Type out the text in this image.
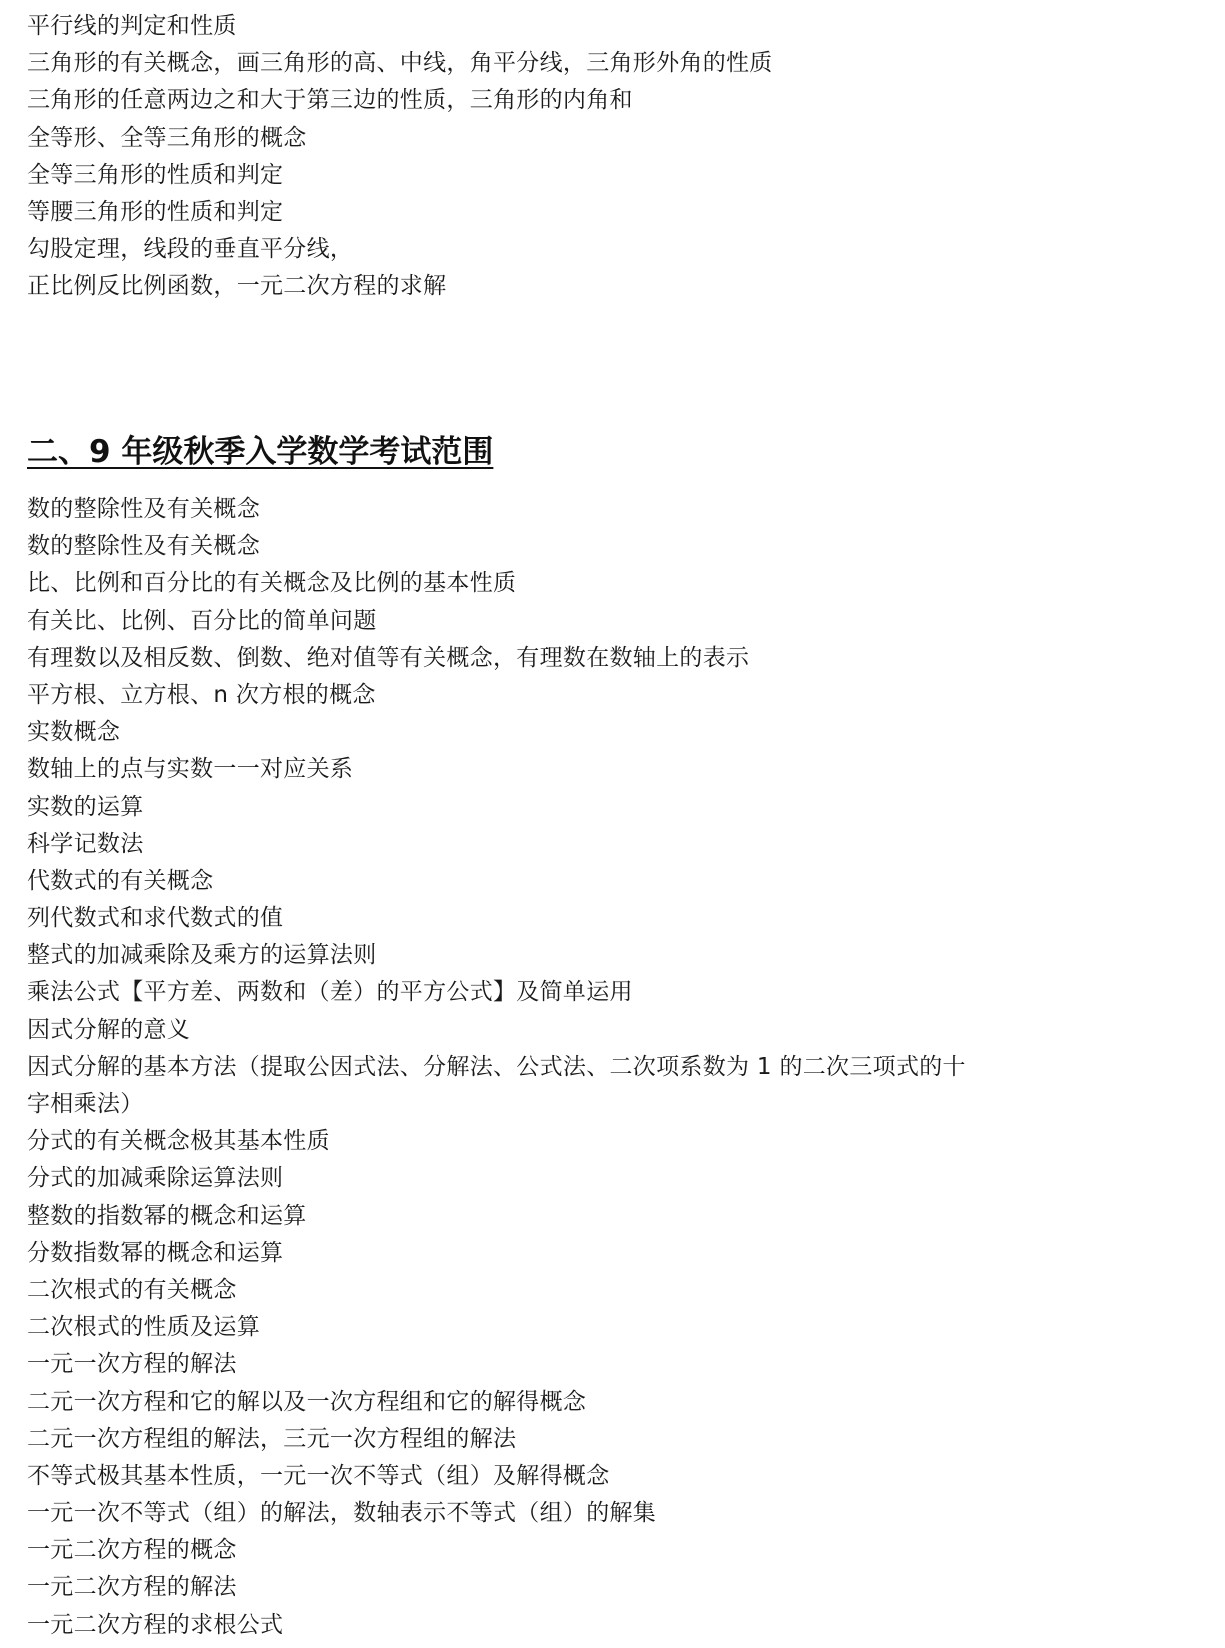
平行线的判定和性质
三角形的有关概念，画三角形的高、中线，角平分线，三角形外角的性质
三角形的任意两边之和大于第三边的性质，三角形的内角和
全等形、全等三角形的概念
全等三角形的性质和判定
等腰三角形的性质和判定
勾股定理，线段的垂直平分线，
正比例反比例函数，一元二次方程的求解
二、9 年级秋季入学数学考试范围
数的整除性及有关概念
数的整除性及有关概念
比、比例和百分比的有关概念及比例的基本性质
有关比、比例、百分比的简单问题
有理数以及相反数、倒数、绝对值等有关概念，有理数在数轴上的表示
平方根、立方根、n 次方根的概念
实数概念
数轴上的点与实数一一对应关系
实数的运算
科学记数法
代数式的有关概念
列代数式和求代数式的值
整式的加减乘除及乘方的运算法则
乘法公式【平方差、两数和（差）的平方公式】及简单运用
因式分解的意义
因式分解的基本方法（提取公因式法、分解法、公式法、二次项系数为 1 的二次三项式的十
字相乘法）
分式的有关概念极其基本性质
分式的加减乘除运算法则
整数的指数幂的概念和运算
分数指数幂的概念和运算
二次根式的有关概念
二次根式的性质及运算
一元一次方程的解法
二元一次方程和它的解以及一次方程组和它的解得概念
二元一次方程组的解法，三元一次方程组的解法
不等式极其基本性质，一元一次不等式（组）及解得概念
一元一次不等式（组）的解法，数轴表示不等式（组）的解集
一元二次方程的概念
一元二次方程的解法
一元二次方程的求根公式
